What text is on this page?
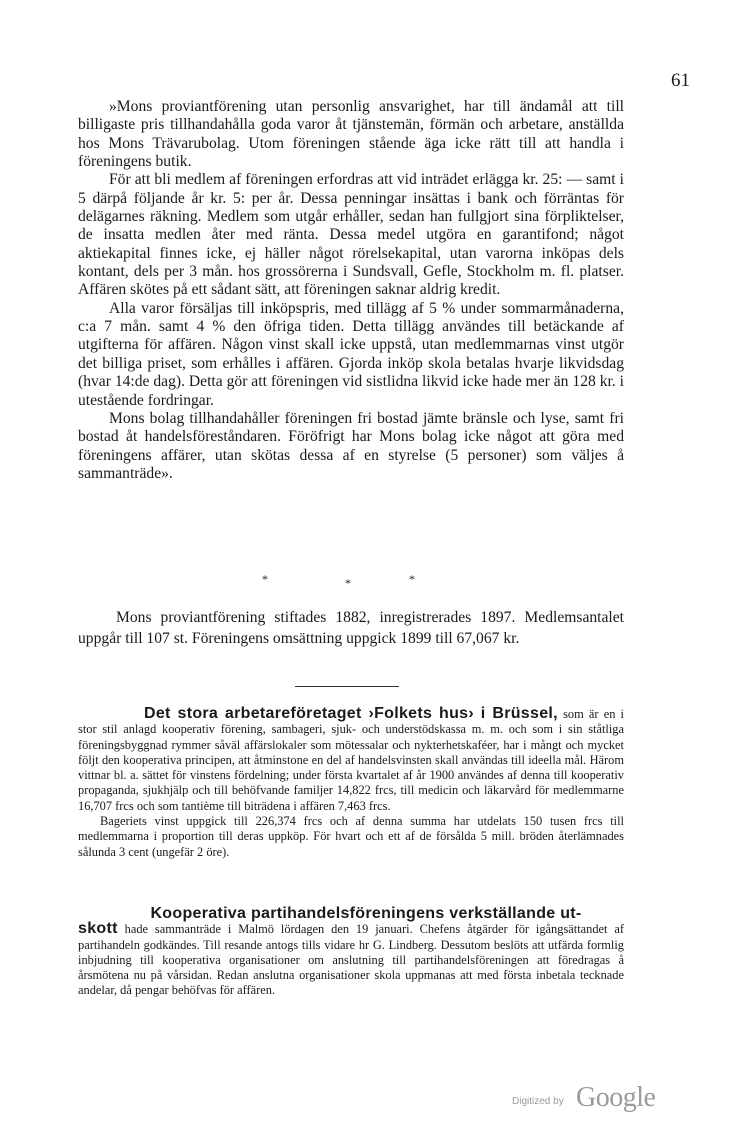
61

»Mons proviantförening utan personlig ansvarighet, har till ändamål att till billigaste pris tillhandahålla goda varor åt tjänstemän, förmän och arbetare, anställda hos Mons Trävarubolag. Utom föreningen stående äga icke rätt till att handla i föreningens butik.

För att bli medlem af föreningen erfordras att vid inträdet erlägga kr. 25: — samt i 5 därpå följande år kr. 5: per år. Dessa penningar insättas i bank och förräntas för delägarnes räkning. Medlem som utgår erhåller, sedan han fullgjort sina förpliktelser, de insatta medlen åter med ränta. Dessa medel utgöra en garantifond; något aktiekapital finnes icke, ej häller något rörelsekapital, utan varorna inköpas dels kontant, dels per 3 mån. hos grossörerna i Sundsvall, Gefle, Stockholm m. fl. platser. Affären skötes på ett sådant sätt, att föreningen saknar aldrig kredit.

Alla varor försäljas till inköpspris, med tillägg af 5 % under sommarmånaderna, c:a 7 mån. samt 4 % den öfriga tiden. Detta tillägg användes till betäckande af utgifterna för affären. Någon vinst skall icke uppstå, utan medlemmarnas vinst utgör det billiga priset, som erhålles i affären. Gjorda inköp skola betalas hvarje likvidsdag (hvar 14:de dag). Detta gör att föreningen vid sistlidna likvid icke hade mer än 128 kr. i utestående fordringar.

Mons bolag tillhandahåller föreningen fri bostad jämte bränsle och lyse, samt fri bostad åt handelsföreståndaren. Föröfrigt har Mons bolag icke något att göra med föreningens affärer, utan skötas dessa af en styrelse (5 personer) som väljes å sammanträde».

*	*	*

Mons proviantförening stiftades 1882, inregistrerades 1897. Medlemsantalet uppgår till 107 st. Föreningens omsättning uppgick 1899 till 67,067 kr.

Det stora arbetareföretaget ›Folkets hus› i Brüssel, som är en i stor stil anlagd kooperativ förening, sambageri, sjuk- och understödskassa m. m. och som i sin ståtliga föreningsbyggnad rymmer såväl affärslokaler som mötessalar och nykterhetskaféer, har i mångt och mycket följt den kooperativa principen, att åtminstone en del af handelsvinsten skall användas till ideella mål. Härom vittnar bl. a. sättet för vinstens fördelning; under första kvartalet af år 1900 användes af denna till kooperativ propaganda, sjukhjälp och till behöfvande familjer 14,822 frcs, till medicin och läkarvård för medlemmarne 16,707 frcs och som tantième till biträdena i affären 7,463 frcs.

Bageriets vinst uppgick till 226,374 frcs och af denna summa har utdelats 150 tusen frcs till medlemmarna i proportion till deras uppköp. För hvart och ett af de försålda 5 mill. bröden återlämnades sålunda 3 cent (ungefär 2 öre).

Kooperativa partihandelsföreningens verkställande ut-

skott hade sammanträde i Malmö lördagen den 19 januari. Chefens åtgärder för igångsättandet af partihandeln godkändes. Till resande antogs tills vidare hr G. Lindberg. Dessutom beslöts att utfärda formlig inbjudning till kooperativa organisationer om anslutning till partihandelsföreningen att föredragas å årsmötena nu på vårsidan. Redan anslutna organisationer skola uppmanas att med första inbetala tecknade andelar, då pengar behöfvas för affären.

Digitized by Google
